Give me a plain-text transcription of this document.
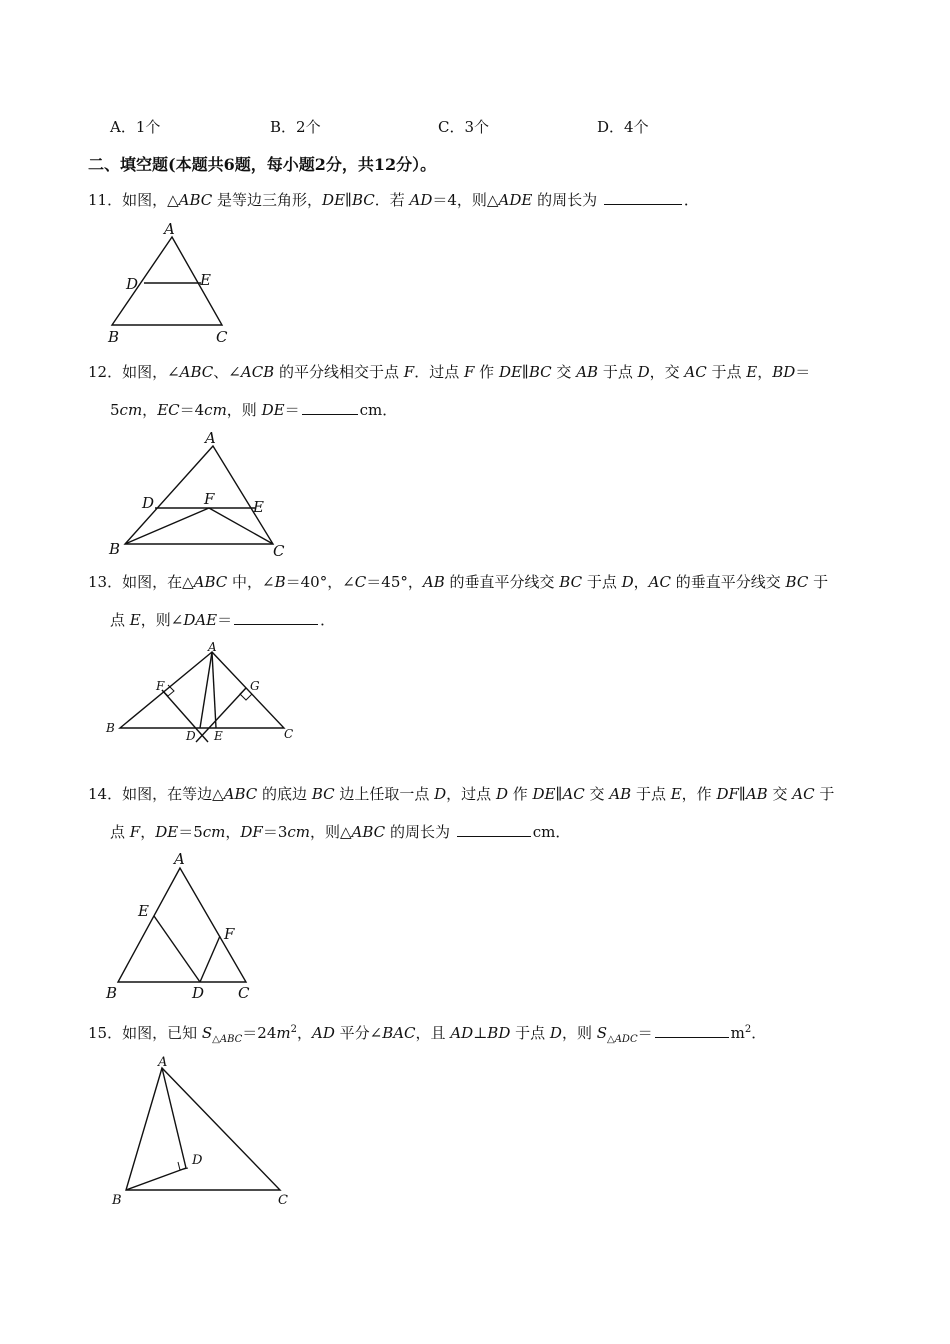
A．1个	B．2个	C．3个	D．4个
二、填空题(本题共6题，每小题2分，共12分）。
11．如图，△ABC 是等边三角形，DE∥BC．若 AD＝4，则△ADE 的周长为	．
A
D	E
B	C
12．如图，∠ABC、∠ACB 的平分线相交于点 F．过点 F 作 DE∥BC 交 AB 于点 D，交 AC 于点 E，BD＝
5cm，EC＝4cm，则 DE＝	cm．
A
D	F	E
B	C
13．如图，在△ABC 中，∠B＝40°，∠C＝45°，AB 的垂直平分线交 BC 于点 D，AC 的垂直平分线交 BC 于
点 E，则∠DAE＝	．
A
F	G
B
D E	C
14．如图，在等边△ABC 的底边 BC 边上任取一点 D，过点 D 作 DE∥AC 交 AB 于点 E，作 DF∥AB 交 AC 于
点 F，DE＝5cm，DF＝3cm，则△ABC 的周长为	cm．
A
E
F
B	D C
15．如图，已知 $S_{\triangle ABC}=24m^2$，AD 平分∠BAC，且 AD⊥BD 于点 D，则 $S_{\triangle ADC}=$	$m^2$．
A
D
B	C
